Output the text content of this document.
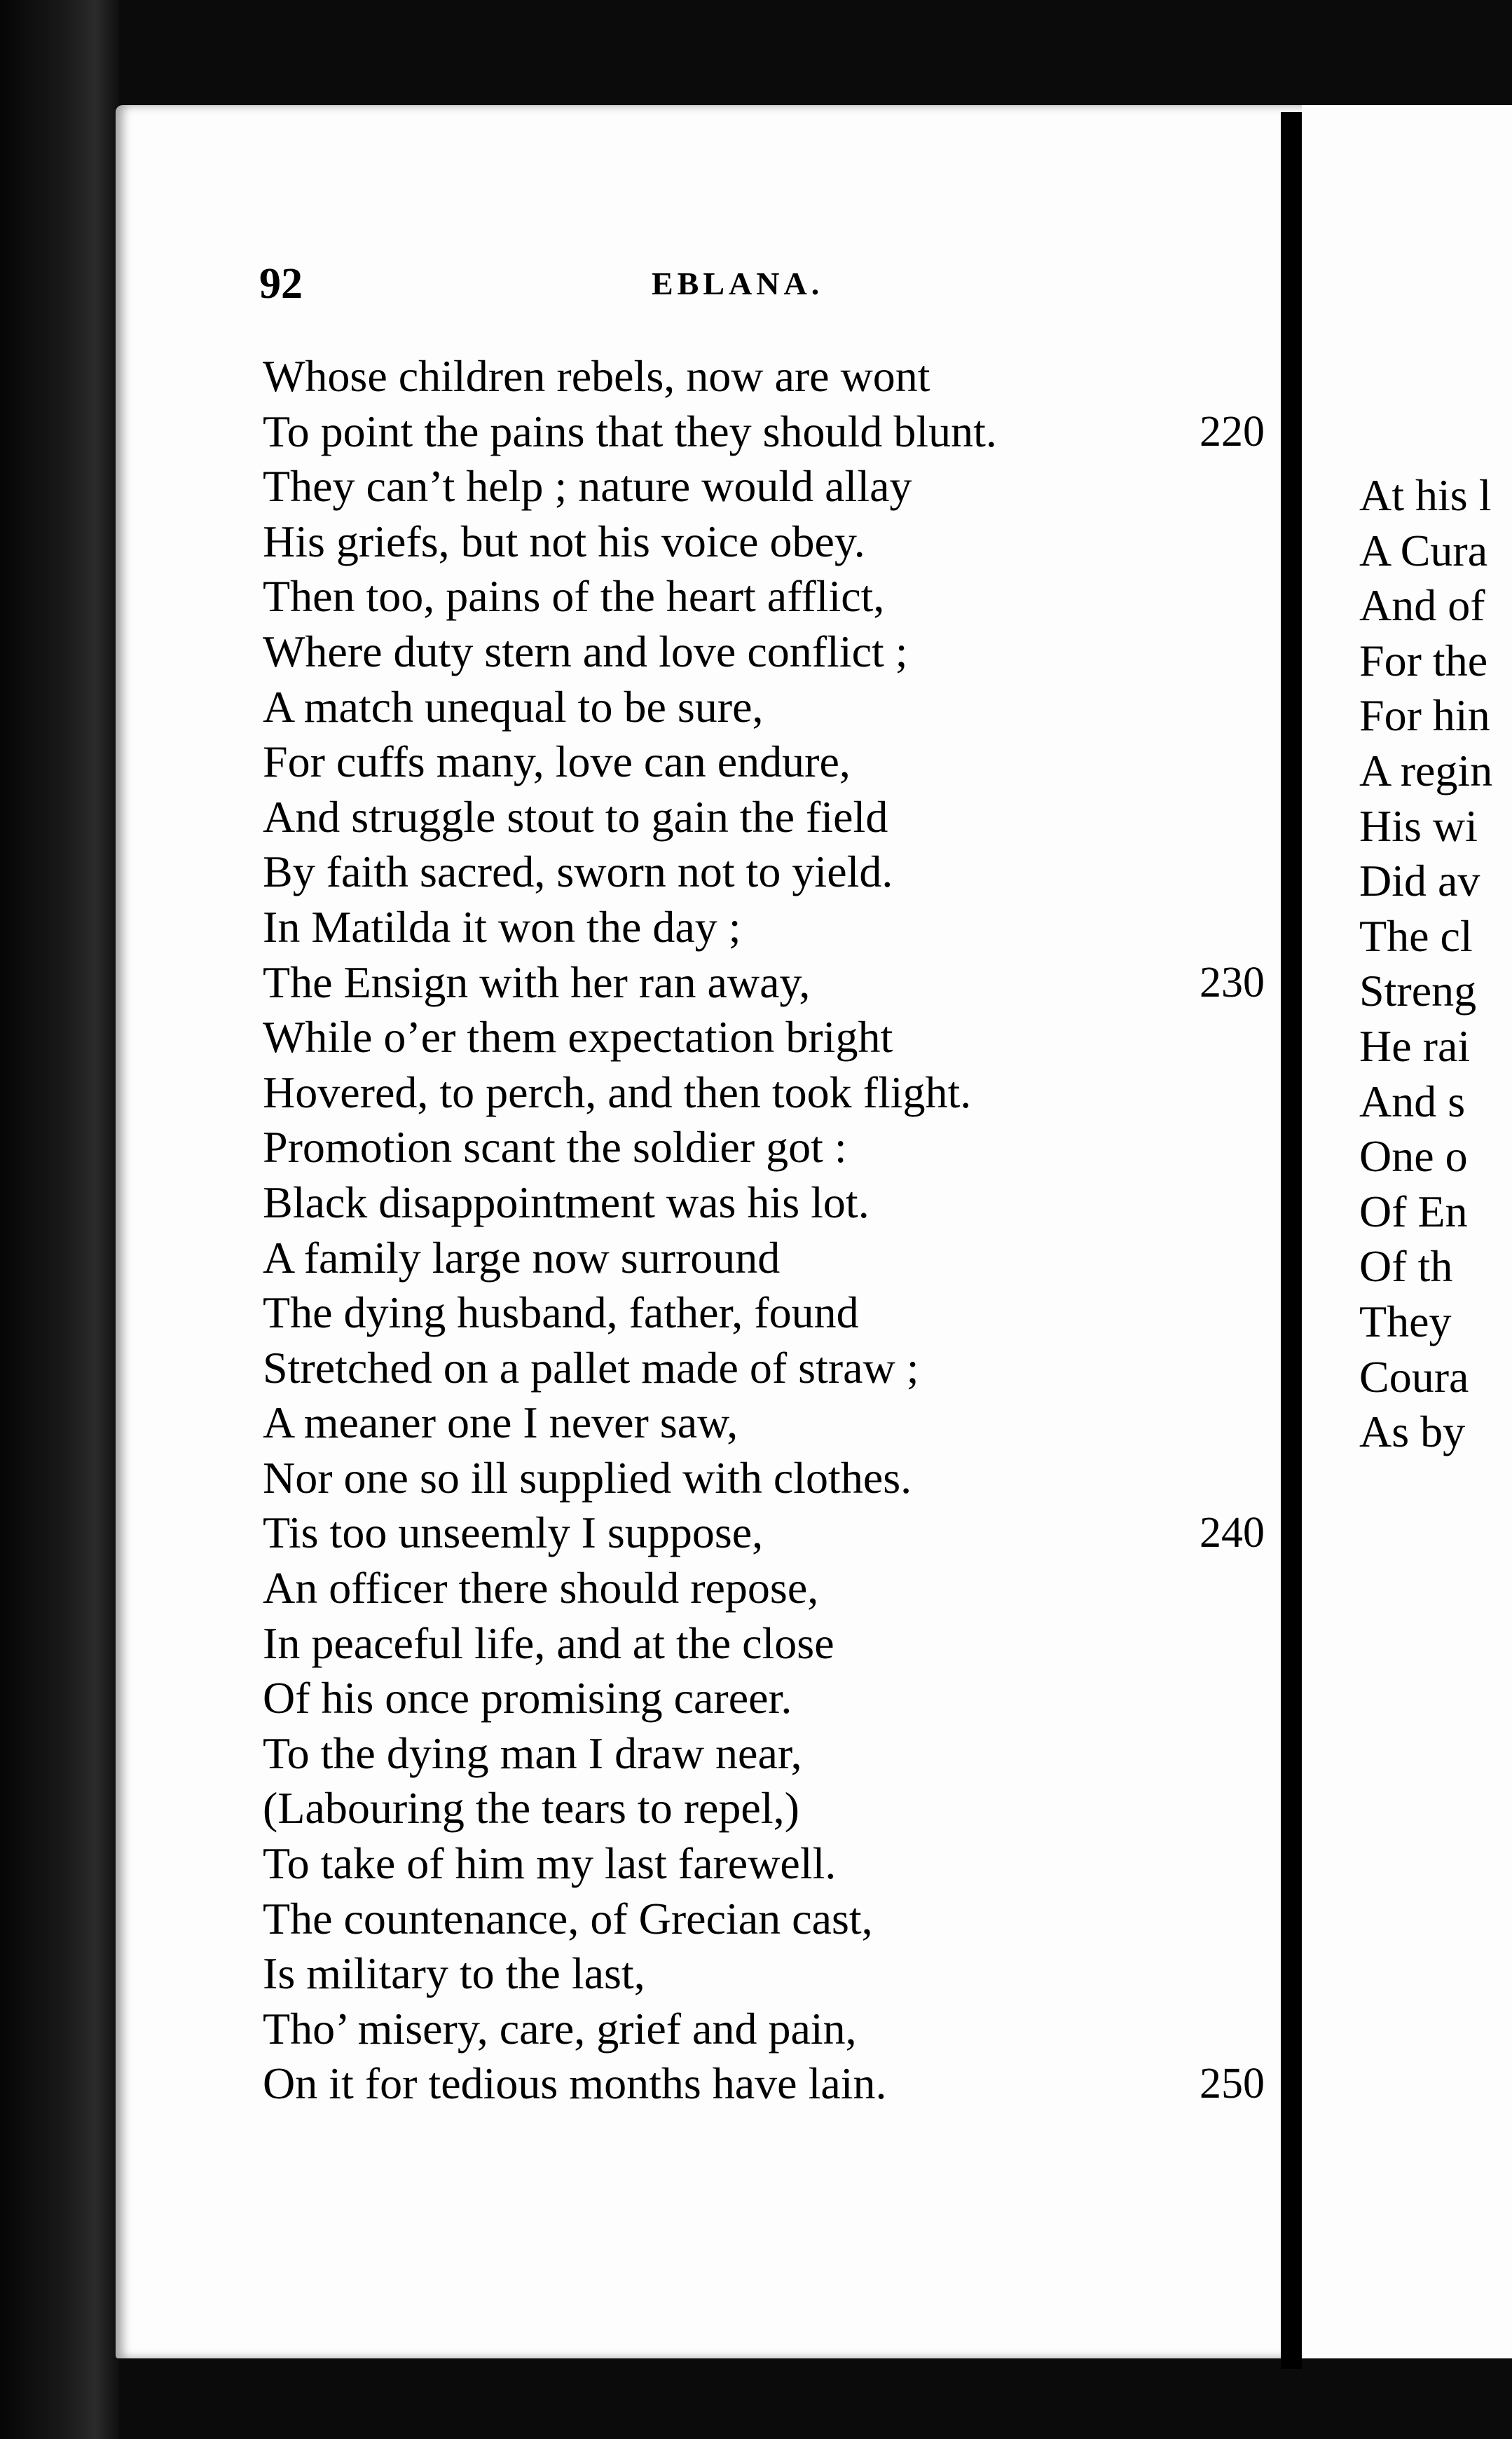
At his l
A Cura
And of
For the
For hin
A regin
His wi
Did av
The cl
Streng
He rai
And s
One o
Of En
Of th
They
Coura
As by
92	EBLANA.
Whose children rebels, now are wont
To point the pains that they should blunt.	220
They can’t help ; nature would allay
His griefs, but not his voice obey.
Then too, pains of the heart afflict,
Where duty stern and love conflict ;
A match unequal to be sure,
For cuffs many, love can endure,
And struggle stout to gain the field
By faith sacred, sworn not to yield.
In Matilda it won the day ;
The Ensign with her ran away,	230
While o’er them expectation bright
Hovered, to perch, and then took flight.
Promotion scant the soldier got :
Black disappointment was his lot.
A family large now surround
The dying husband, father, found
Stretched on a pallet made of straw ;
A meaner one I never saw,
Nor one so ill supplied with clothes.
Tis too unseemly I suppose,	240
An officer there should repose,
In peaceful life, and at the close
Of his once promising career.
To the dying man I draw near,
(Labouring the tears to repel,)
To take of him my last farewell.
The countenance, of Grecian cast,
Is military to the last,
Tho’ misery, care, grief and pain,
On it for tedious months have lain.	250
